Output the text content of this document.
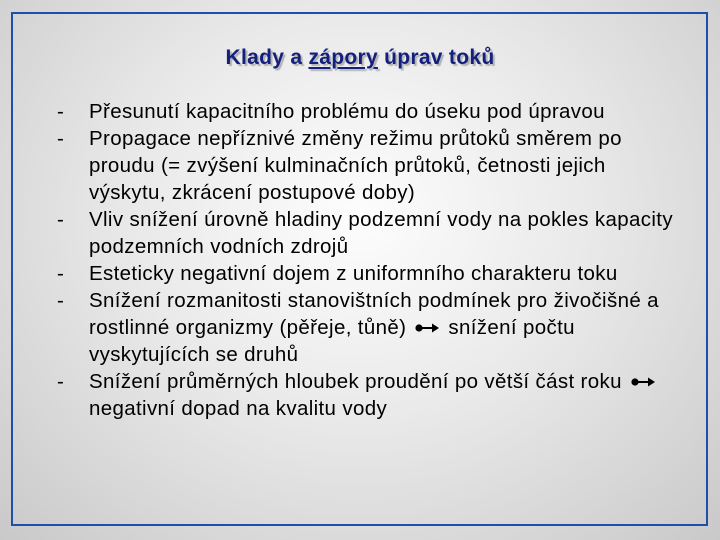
Klady a zápory úprav toků
- Přesunutí kapacitního problému do úseku pod úpravou
- Propagace nepříznivé změny režimu průtoků směrem po proudu (= zvýšení kulminačních průtoků, četnosti jejich výskytu, zkrácení postupové doby)
- Vliv snížení úrovně hladiny podzemní vody na pokles kapacity podzemních vodních zdrojů
- Esteticky negativní dojem z uniformního charakteru toku
- Snížení rozmanitosti stanovištních podmínek pro živočišné a rostlinné organizmy (pěřeje, tůně) snížení počtu vyskytujících se druhů
- Snížení průměrných hloubek proudění po větší část roku  negativní dopad na kvalitu vody
